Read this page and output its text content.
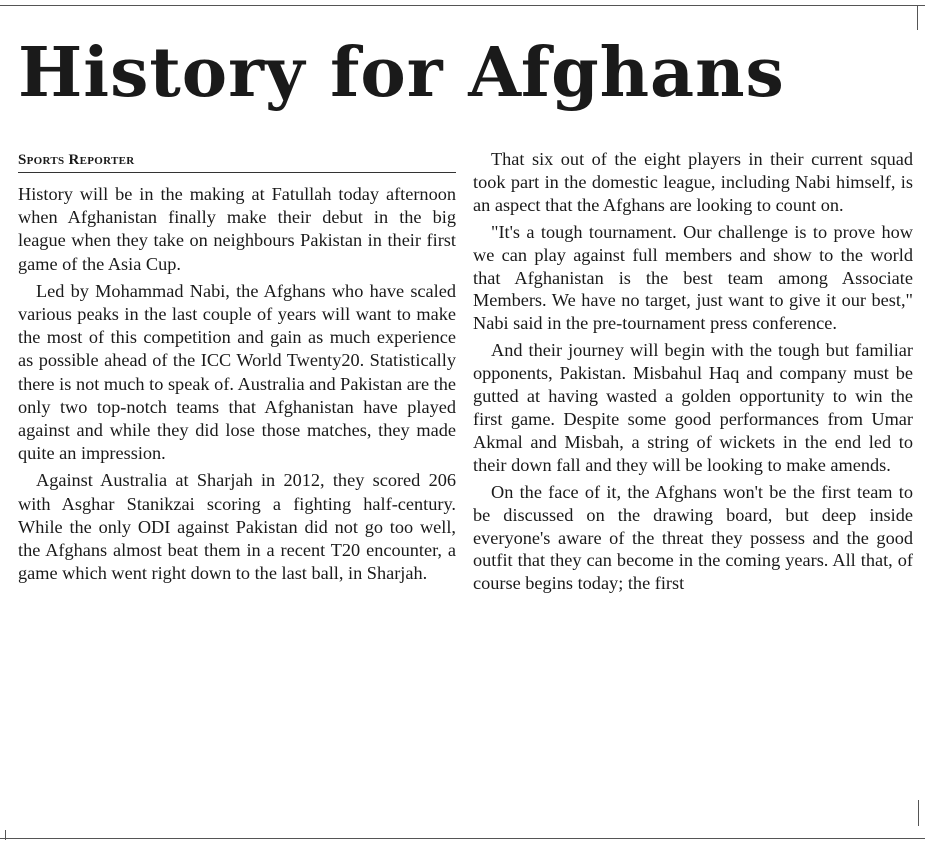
History for Afghans
Sports Reporter

History will be in the making at Fatullah today afternoon when Afghanistan finally make their debut in the big league when they take on neighbours Pakistan in their first game of the Asia Cup.

Led by Mohammad Nabi, the Afghans who have scaled various peaks in the last couple of years will want to make the most of this competition and gain as much experience as possible ahead of the ICC World Twenty20. Statistically there is not much to speak of. Australia and Pakistan are the only two top-notch teams that Afghanistan have played against and while they did lose those matches, they made quite an impression.

Against Australia at Sharjah in 2012, they scored 206 with Asghar Stanikzai scoring a fighting half-century. While the only ODI against Pakistan did not go too well, the Afghans almost beat them in a recent T20 encounter, a game which went right down to the last ball, in Sharjah.

That six out of the eight players in their current squad took part in the domestic league, including Nabi himself, is an aspect that the Afghans are looking to count on.

"It's a tough tournament. Our challenge is to prove how we can play against full members and show to the world that Afghanistan is the best team among Associate Members. We have no target, just want to give it our best," Nabi said in the pre-tournament press conference.

And their journey will begin with the tough but familiar opponents, Pakistan. Misbahul Haq and company must be gutted at having wasted a golden opportunity to win the first game. Despite some good performances from Umar Akmal and Misbah, a string of wickets in the end led to their down fall and they will be looking to make amends.

On the face of it, the Afghans won't be the first team to be discussed on the drawing board, but deep inside everyone's aware of the threat they possess and the good outfit that they can become in the coming years. All that, of course begins today; the first
